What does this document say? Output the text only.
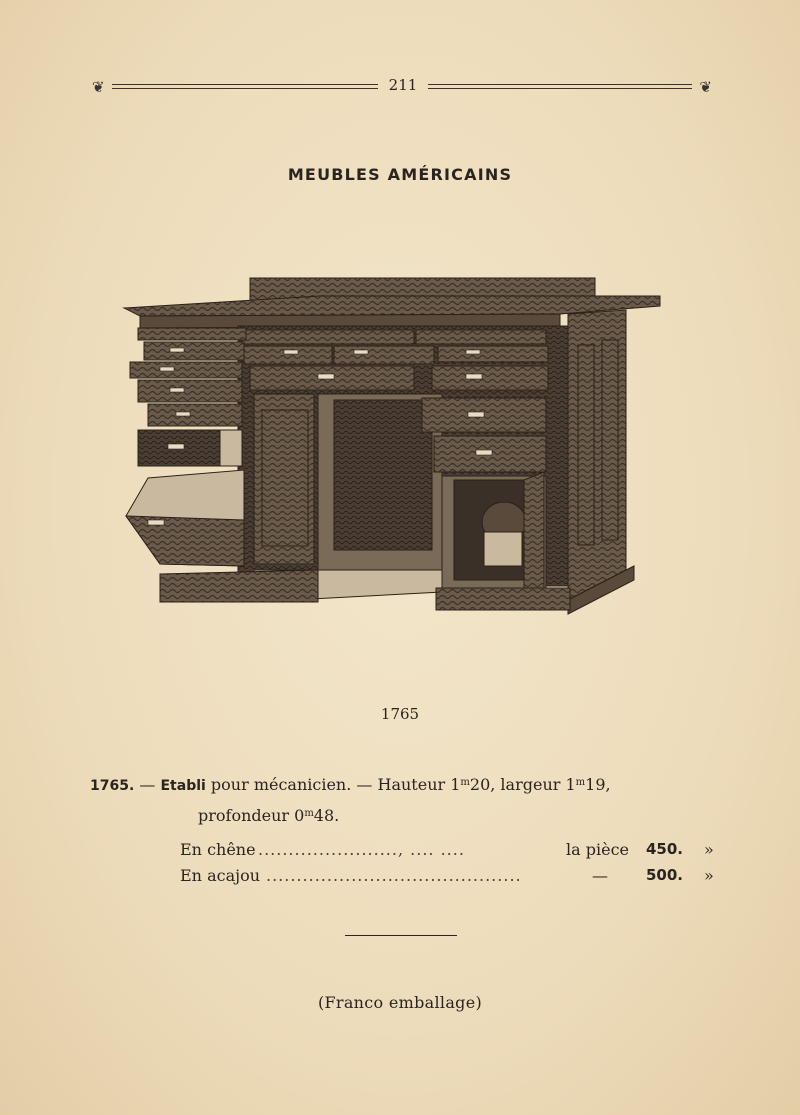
❦	211	❦
MEUBLES AMÉRICAINS
1765
1765. — Etabli pour mécanicien. — Hauteur 1$^m$20, largeur 1$^m$19,
profondeur 0$^m$48.
En chêne ......................., .... ....	la pièce 450. »
En acajou ..........................................	—	500. »
(Franco emballage)
